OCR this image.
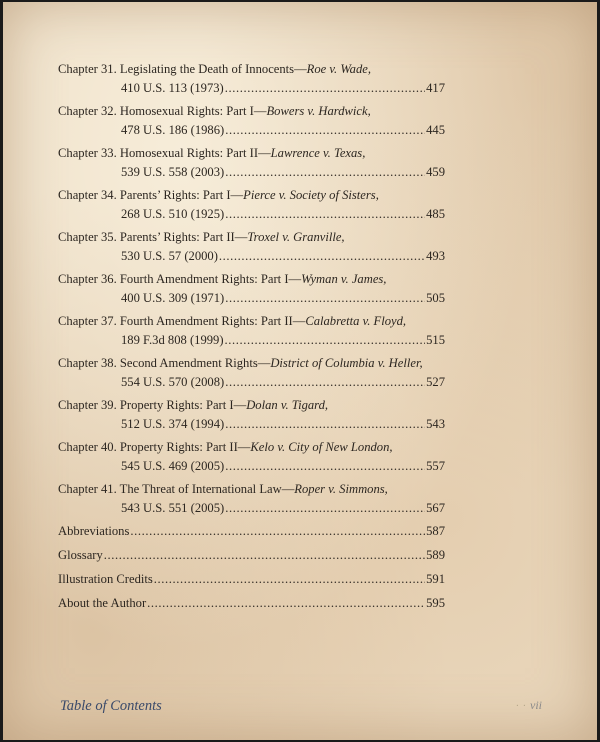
Chapter 31. Legislating the Death of Innocents—Roe v. Wade,
410 U.S. 113 (1973) .....	417
Chapter 32. Homosexual Rights: Part I—Bowers v. Hardwick,
478 U.S. 186 (1986) .....	445
Chapter 33. Homosexual Rights: Part II—Lawrence v. Texas,
539 U.S. 558 (2003) .....	459
Chapter 34. Parents’ Rights: Part I—Pierce v. Society of Sisters,
268 U.S. 510 (1925) .....	485
Chapter 35. Parents’ Rights: Part II—Troxel v. Granville,
530 U.S. 57 (2000) .....	493
Chapter 36. Fourth Amendment Rights: Part I—Wyman v. James,
400 U.S. 309 (1971) .....	505
Chapter 37. Fourth Amendment Rights: Part II—Calabretta v. Floyd,
189 F.3d 808 (1999) .....	515
Chapter 38. Second Amendment Rights—District of Columbia v. Heller,
554 U.S. 570 (2008) .....	527
Chapter 39. Property Rights: Part I—Dolan v. Tigard,
512 U.S. 374 (1994) .....	543
Chapter 40. Property Rights: Part II—Kelo v. City of New London,
545 U.S. 469 (2005) .....	557
Chapter 41. The Threat of International Law—Roper v. Simmons,
543 U.S. 551 (2005) .....	567
Abbreviations .....	587
Glossary .....	589
Illustration Credits .....	591
About the Author .....	595
Table of Contents	· · vii
